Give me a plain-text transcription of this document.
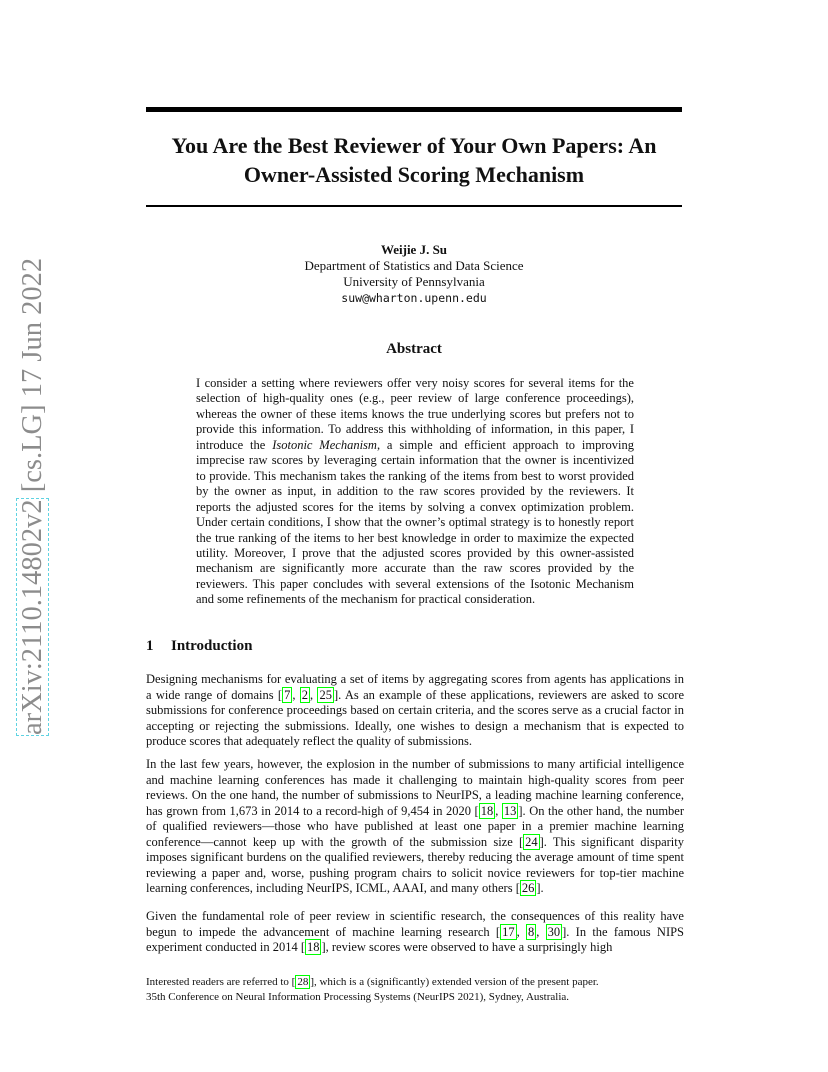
arXiv:2110.14802v2 [cs.LG] 17 Jun 2022
You Are the Best Reviewer of Your Own Papers: An
Owner-Assisted Scoring Mechanism
Weijie J. Su
Department of Statistics and Data Science
University of Pennsylvania
suw@wharton.upenn.edu
Abstract

I consider a setting where reviewers offer very noisy scores for several items for the selection of high-quality ones (e.g., peer review of large conference proceedings), whereas the owner of these items knows the true underlying scores but prefers not to provide this information. To address this withholding of information, in this paper, I introduce the Isotonic Mechanism, a simple and efficient approach to improving imprecise raw scores by leveraging certain information that the owner is incentivized to provide. This mechanism takes the ranking of the items from best to worst provided by the owner as input, in addition to the raw scores provided by the reviewers. It reports the adjusted scores for the items by solving a convex optimization problem. Under certain conditions, I show that the owner’s optimal strategy is to honestly report the true ranking of the items to her best knowledge in order to maximize the expected utility. Moreover, I prove that the adjusted scores provided by this owner-assisted mechanism are significantly more accurate than the raw scores provided by the reviewers. This paper concludes with several extensions of the Isotonic Mechanism and some refinements of the mechanism for practical consideration.

1 Introduction

Designing mechanisms for evaluating a set of items by aggregating scores from agents has applications in a wide range of domains [ 7 , 2 , 25 ]. As an example of these applications, reviewers are asked to score submissions for conference proceedings based on certain criteria, and the scores serve as a crucial factor in accepting or rejecting the submissions. Ideally, one wishes to design a mechanism that is expected to produce scores that adequately reflect the quality of submissions.

In the last few years, however, the explosion in the number of submissions to many artificial intelligence and machine learning conferences has made it challenging to maintain high-quality scores from peer reviews. On the one hand, the number of submissions to NeurIPS, a leading machine learning conference, has grown from 1,673 in 2014 to a record-high of 9,454 in 2020 [ 18 , 13 ]. On the other hand, the number of qualified reviewers—those who have published at least one paper in a premier machine learning conference—cannot keep up with the growth of the submission size [ 24 ]. This significant disparity imposes significant burdens on the qualified reviewers, thereby reducing the average amount of time spent reviewing a paper and, worse, pushing program chairs to solicit novice reviewers for top-tier machine learning conferences, including NeurIPS, ICML, AAAI, and many others [ 26 ].

Given the fundamental role of peer review in scientific research, the consequences of this reality have begun to impede the advancement of machine learning research [ 17 , 8 , 30 ]. In the famous NIPS experiment conducted in 2014 [ 18 ], review scores were observed to have a surprisingly high

Interested readers are referred to [ 28 ], which is a (significantly) extended version of the present paper.
35th Conference on Neural Information Processing Systems (NeurIPS 2021), Sydney, Australia.
